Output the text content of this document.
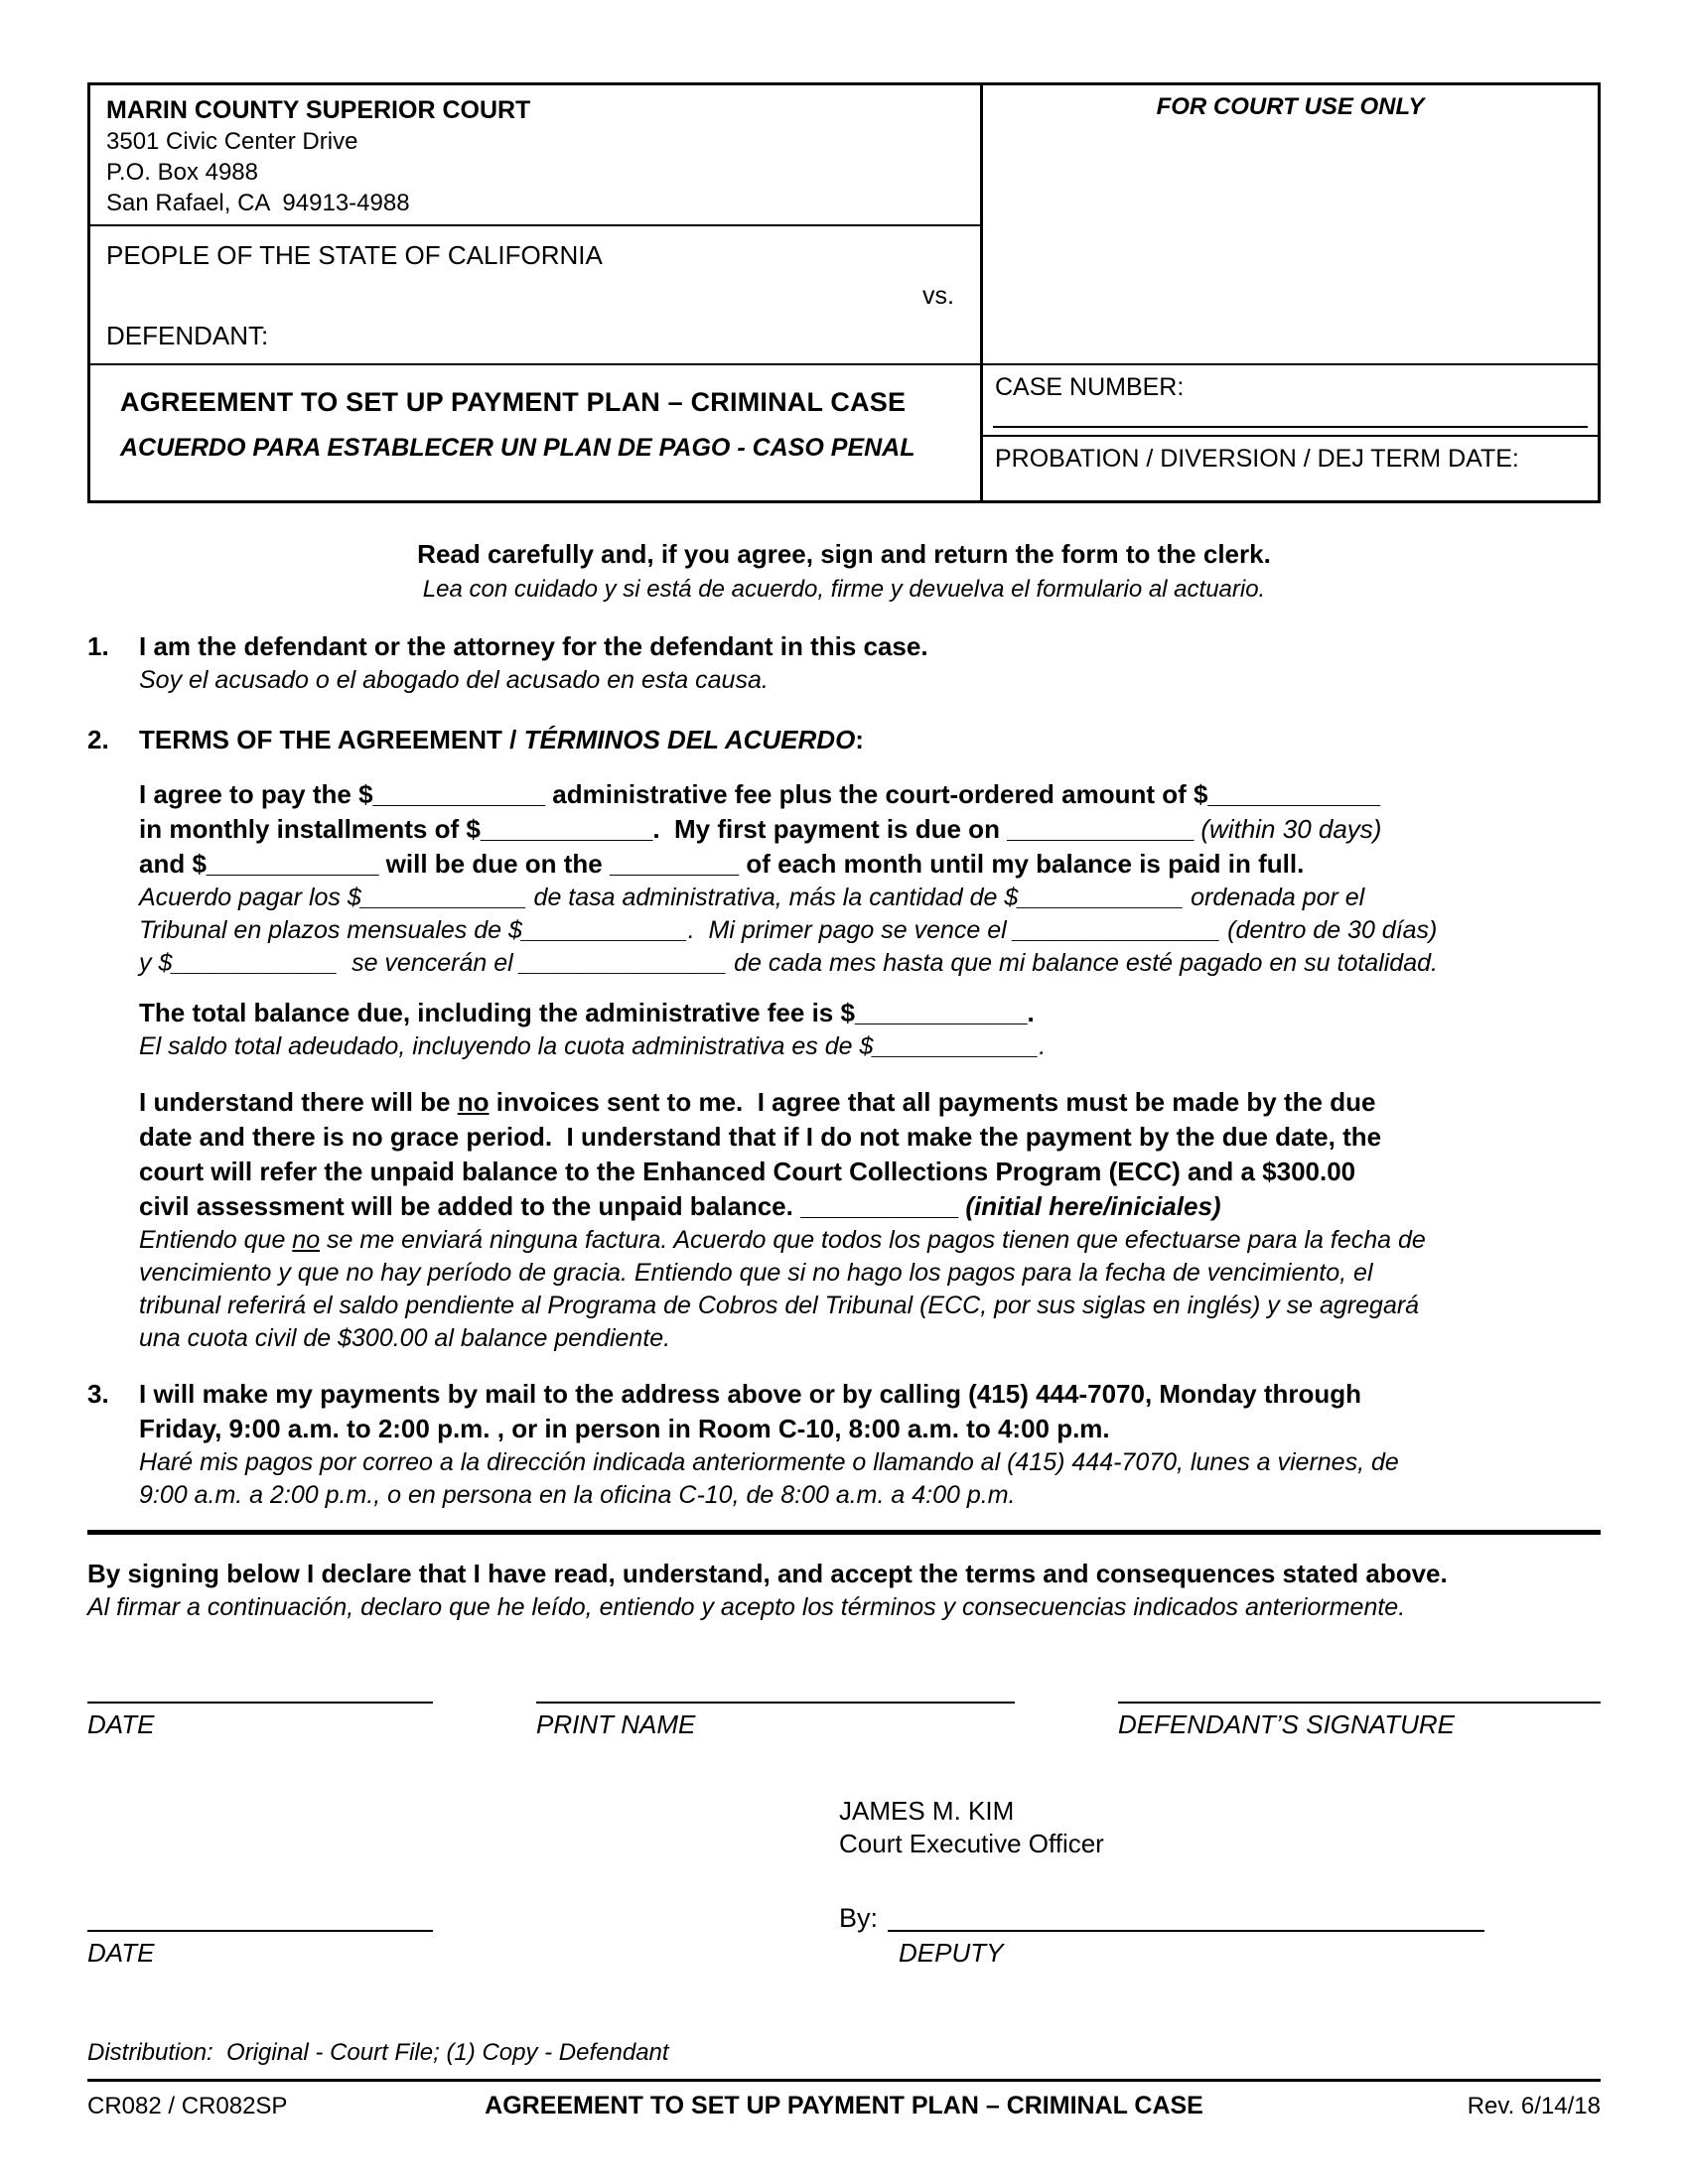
MARIN COUNTY SUPERIOR COURT
3501 Civic Center Drive
P.O. Box 4988
San Rafael, CA  94913-4988
PEOPLE OF THE STATE OF CALIFORNIA
vs.
DEFENDANT:
AGREEMENT TO SET UP PAYMENT PLAN – CRIMINAL CASE
ACUERDO PARA ESTABLECER UN PLAN DE PAGO - CASO PENAL
FOR COURT USE ONLY
CASE NUMBER:
PROBATION / DIVERSION / DEJ TERM DATE:
Read carefully and, if you agree, sign and return the form to the clerk.
Lea con cuidado y si está de acuerdo, firme y devuelva el formulario al actuario.
1.	I am the defendant or the attorney for the defendant in this case.
Soy el acusado o el abogado del acusado en esta causa.
2.	TERMS OF THE AGREEMENT / TÉRMINOS DEL ACUERDO:
I agree to pay the $____________ administrative fee plus the court-ordered amount of $____________
in monthly installments of $____________.  My first payment is due on _____________ (within 30 days)
and $____________ will be due on the _________ of each month until my balance is paid in full.
Acuerdo pagar los $____________ de tasa administrativa, más la cantidad de $____________ ordenada por el
Tribunal en plazos mensuales de $____________.  Mi primer pago se vence el _______________ (dentro de 30 días)
y $____________  se vencerán el _______________ de cada mes hasta que mi balance esté pagado en su totalidad.
The total balance due, including the administrative fee is $____________.
El saldo total adeudado, incluyendo la cuota administrativa es de $____________.
I understand there will be no invoices sent to me.  I agree that all payments must be made by the due
date and there is no grace period.  I understand that if I do not make the payment by the due date, the
court will refer the unpaid balance to the Enhanced Court Collections Program (ECC) and a $300.00
civil assessment will be added to the unpaid balance. ___________ (initial here/iniciales)
Entiendo que no se me enviará ninguna factura. Acuerdo que todos los pagos tienen que efectuarse para la fecha de
vencimiento y que no hay período de gracia. Entiendo que si no hago los pagos para la fecha de vencimiento, el
tribunal referirá el saldo pendiente al Programa de Cobros del Tribunal (ECC, por sus siglas en inglés) y se agregará
una cuota civil de $300.00 al balance pendiente.
3.	I will make my payments by mail to the address above or by calling (415) 444-7070, Monday through
Friday, 9:00 a.m. to 2:00 p.m. , or in person in Room C-10, 8:00 a.m. to 4:00 p.m.
Haré mis pagos por correo a la dirección indicada anteriormente o llamando al (415) 444-7070, lunes a viernes, de
9:00 a.m. a 2:00 p.m., o en persona en la oficina C-10, de 8:00 a.m. a 4:00 p.m.
By signing below I declare that I have read, understand, and accept the terms and consequences stated above.
Al firmar a continuación, declaro que he leído, entiendo y acepto los términos y consecuencias indicados anteriormente.
DATE	PRINT NAME	DEFENDANT’S SIGNATURE
JAMES M. KIM
Court Executive Officer
DATE
By:
DEPUTY
Distribution:  Original - Court File; (1) Copy - Defendant
CR082 / CR082SP	AGREEMENT TO SET UP PAYMENT PLAN – CRIMINAL CASE	Rev. 6/14/18
